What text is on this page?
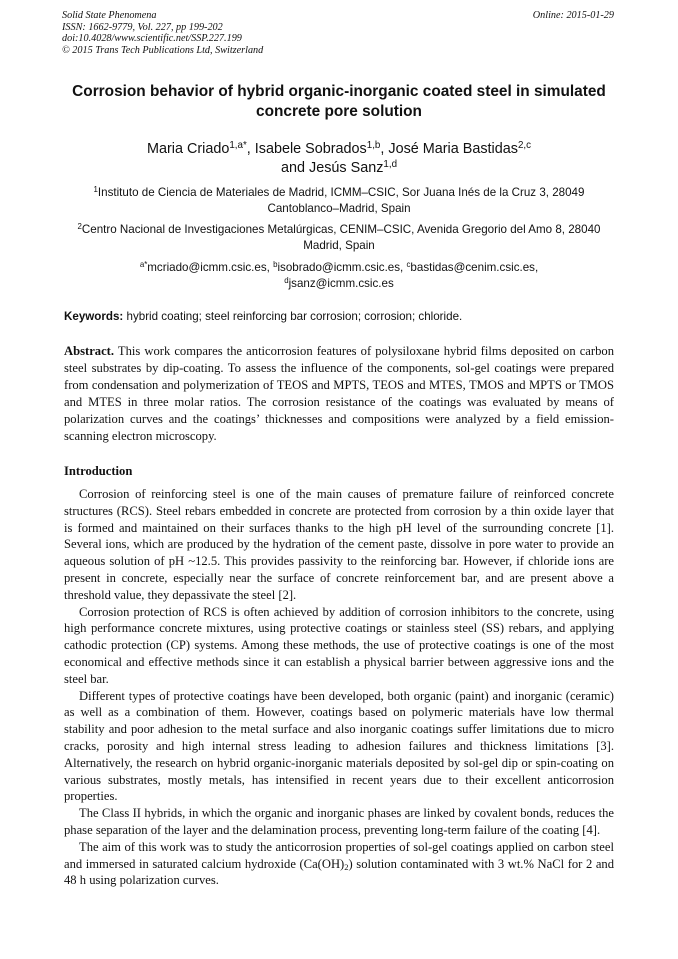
Solid State Phenomena
ISSN: 1662-9779, Vol. 227, pp 199-202
doi:10.4028/www.scientific.net/SSP.227.199
© 2015 Trans Tech Publications Ltd, Switzerland
Online: 2015-01-29
Corrosion behavior of hybrid organic-inorganic coated steel in simulated concrete pore solution
Maria Criado$^{1,a*}$, Isabele Sobrados$^{1,b}$, José Maria Bastidas$^{2,c}$
and Jesús Sanz$^{1,d}$
$^1$Instituto de Ciencia de Materiales de Madrid, ICMM–CSIC, Sor Juana Inés de la Cruz 3, 28049 Cantoblanco–Madrid, Spain
$^2$Centro Nacional de Investigaciones Metalúrgicas, CENIM–CSIC, Avenida Gregorio del Amo 8, 28040 Madrid, Spain
$^{a*}$mcriado@icmm.csic.es, $^b$isobrado@icmm.csic.es, $^c$bastidas@cenim.csic.es,
$^d$jsanz@icmm.csic.es
Keywords: hybrid coating; steel reinforcing bar corrosion; corrosion; chloride.
Abstract. This work compares the anticorrosion features of polysiloxane hybrid films deposited on carbon steel substrates by dip-coating. To assess the influence of the components, sol-gel coatings were prepared from condensation and polymerization of TEOS and MPTS, TEOS and MTES, TMOS and MPTS or TMOS and MTES in three molar ratios. The corrosion resistance of the coatings was evaluated by means of polarization curves and the coatings’ thicknesses and compositions were analyzed by a field emission-scanning electron microscopy.
Introduction

Corrosion of reinforcing steel is one of the main causes of premature failure of reinforced concrete structures (RCS). Steel rebars embedded in concrete are protected from corrosion by a thin oxide layer that is formed and maintained on their surfaces thanks to the high pH level of the surrounding concrete [1]. Several ions, which are produced by the hydration of the cement paste, dissolve in pore water to provide an aqueous solution of pH ~12.5. This provides passivity to the reinforcing bar. However, if chloride ions are present in concrete, especially near the surface of concrete reinforcement bar, and are present above a threshold value, they depassivate the steel [2].

Corrosion protection of RCS is often achieved by addition of corrosion inhibitors to the concrete, using high performance concrete mixtures, using protective coatings or stainless steel (SS) rebars, and applying cathodic protection (CP) systems. Among these methods, the use of protective coatings is one of the most economical and effective methods since it can establish a physical barrier between aggressive ions and the steel bar.

Different types of protective coatings have been developed, both organic (paint) and inorganic (ceramic) as well as a combination of them. However, coatings based on polymeric materials have low thermal stability and poor adhesion to the metal surface and also inorganic coatings suffer limitations due to micro cracks, porosity and high internal stress leading to adhesion failures and thickness limitations [3]. Alternatively, the research on hybrid organic-inorganic materials deposited by sol-gel dip or spin-coating on various substrates, mostly metals, has intensified in recent years due to their excellent anticorrosion properties.

The Class II hybrids, in which the organic and inorganic phases are linked by covalent bonds, reduces the phase separation of the layer and the delamination process, preventing long-term failure of the coating [4].

The aim of this work was to study the anticorrosion properties of sol-gel coatings applied on carbon steel and immersed in saturated calcium hydroxide $(Ca(OH)_2)$ solution contaminated with 3 wt.% NaCl for 2 and 48 h using polarization curves.
